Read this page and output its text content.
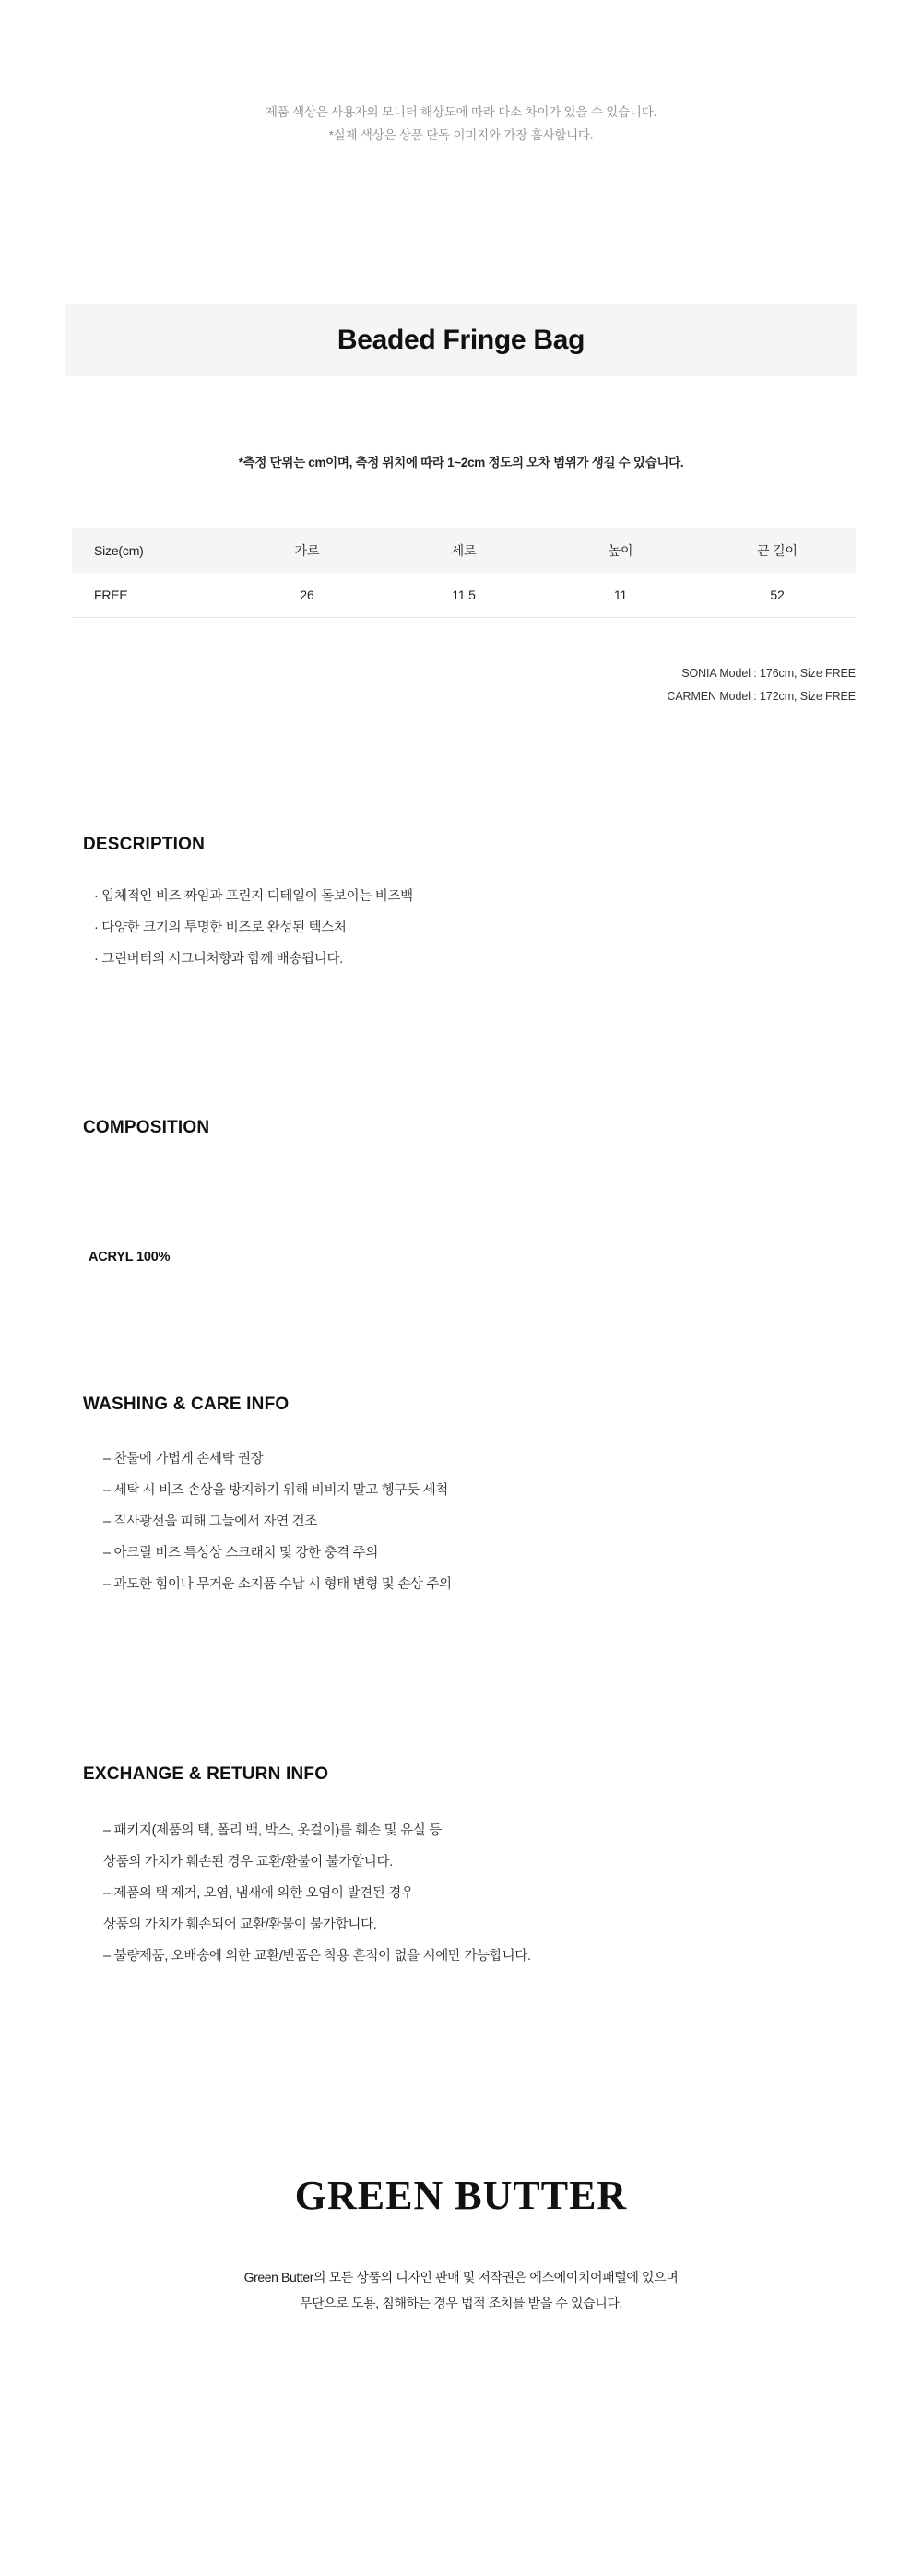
제품 색상은 사용자의 모니터 해상도에 따라 다소 차이가 있을 수 있습니다.
*실제 색상은 상품 단독 이미지와 가장 흡사합니다.
Beaded Fringe Bag
*측정 단위는 cm이며, 측정 위치에 따라 1~2cm 정도의 오차 범위가 생길 수 있습니다.
Size(cm)	가로	세로	높이	끈 길이
FREE	26	11.5	11	52
SONIA Model : 176cm, Size FREE
CARMEN Model : 172cm, Size FREE
DESCRIPTION
· 입체적인 비즈 짜임과 프린지 디테일이 돋보이는 비즈백
· 다양한 크기의 투명한 비즈로 완성된 텍스처
· 그린버터의 시그니처향과 함께 배송됩니다.
COMPOSITION
ACRYL 100%
WASHING & CARE INFO
– 찬물에 가볍게 손세탁 권장
– 세탁 시 비즈 손상을 방지하기 위해 비비지 말고 헹구듯 세척
– 직사광선을 피해 그늘에서 자연 건조
– 아크릴 비즈 특성상 스크래치 및 강한 충격 주의
– 과도한 힘이나 무거운 소지품 수납 시 형태 변형 및 손상 주의
EXCHANGE & RETURN INFO
– 패키지(제품의 택, 폴리 백, 박스, 옷걸이)를 훼손 및 유실 등
상품의 가치가 훼손된 경우 교환/환불이 불가합니다.
– 제품의 택 제거, 오염, 냄새에 의한 오염이 발견된 경우
상품의 가치가 훼손되어 교환/환불이 불가합니다.
– 불량제품, 오배송에 의한 교환/반품은 착용 흔적이 없을 시에만 가능합니다.
GREEN BUTTER
Green Butter의 모든 상품의 디자인 판매 및 저작권은 에스에이치어패럴에 있으며
무단으로 도용, 침해하는 경우 법적 조치를 받을 수 있습니다.
